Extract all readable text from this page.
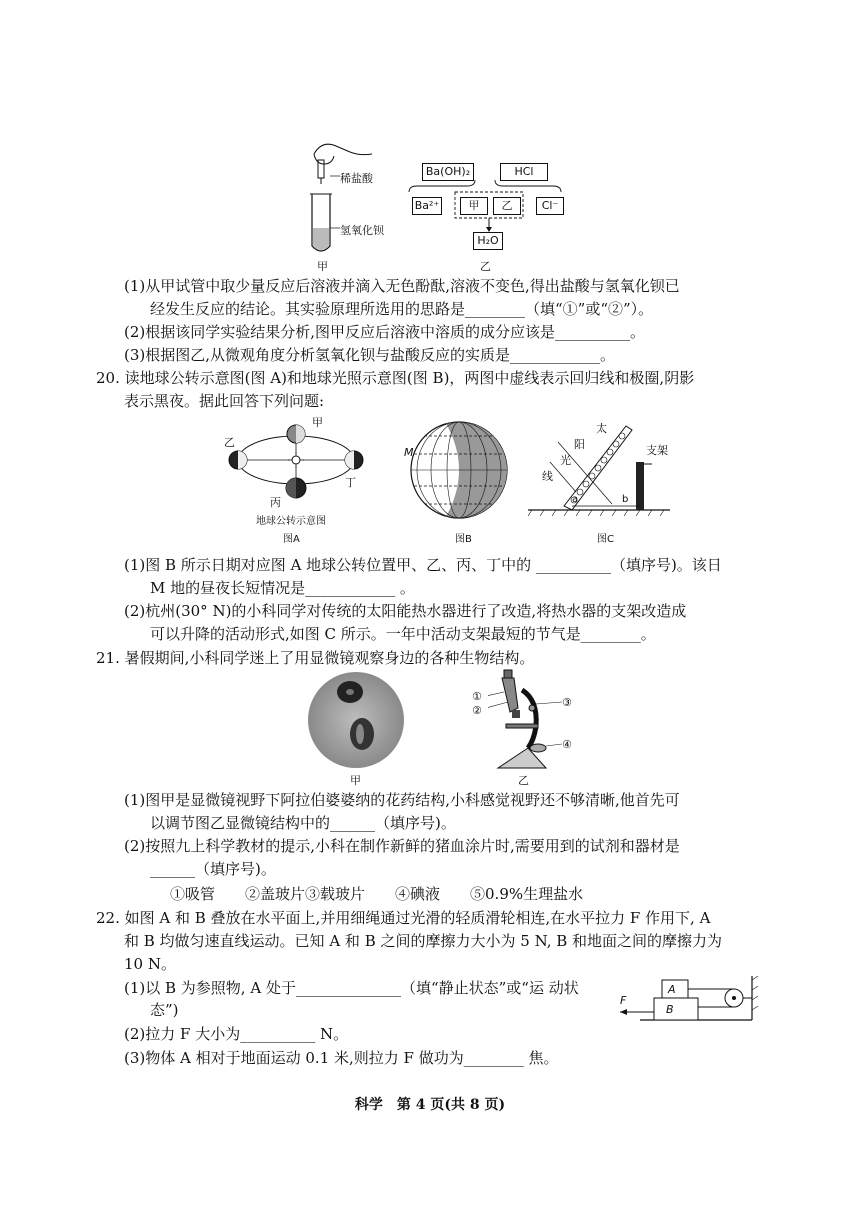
稀盐酸
氢氧化钡
甲
Ba(OH)₂	HCl
Ba²⁺	甲	乙	Cl⁻
H₂O
乙
(1)从甲试管中取少量反应后溶液并滴入无色酚酞,溶液不变色,得出盐酸与氢氧化钡已
经发生反应的结论。其实验原理所选用的思路是________（填“①”或“②”）。
(2)根据该同学实验结果分析,图甲反应后溶液中溶质的成分应该是__________。
(3)根据图乙,从微观角度分析氢氧化钡与盐酸反应的实质是____________。
20. 读地球公转示意图(图 A)和地球光照示意图(图 B)，两图中虚线表示回归线和极圈,阴影
表示黑夜。据此回答下列问题:
甲
乙
丙
丁
地球公转示意图
图A
M
图B
太
阳
光
线
支架
a	b
图C
(1)图 B 所示日期对应图 A 地球公转位置甲、乙、丙、丁中的 __________（填序号)。该日
M 地的昼夜长短情况是____________ 。
(2)杭州(30° N)的小科同学对传统的太阳能热水器进行了改造,将热水器的支架改造成
可以升降的活动形式,如图 C 所示。一年中活动支架最短的节气是________。
21. 暑假期间,小科同学迷上了用显微镜观察身边的各种生物结构。
甲
①
②
③
④
乙
(1)图甲是显微镜视野下阿拉伯婆婆纳的花药结构,小科感觉视野还不够清晰,他首先可
以调节图乙显微镜结构中的______（填序号)。
(2)按照九上科学教材的提示,小科在制作新鲜的猪血涂片时,需要用到的试剂和器材是
______（填序号)。
①吸管　　②盖玻片③载玻片　　④碘液　　⑤0.9%生理盐水
22. 如图 A 和 B 叠放在水平面上,并用细绳通过光滑的轻质滑轮相连,在水平拉力 F 作用下, A
和 B 均做匀速直线运动。已知 A 和 B 之间的摩擦力大小为 5 N, B 和地面之间的摩擦力为
10 N。
(1)以 B 为参照物, A 处于______________（填“静止状态”或“运 动状
态”)
(2)拉力 F 大小为__________ N。
(3)物体 A 相对于地面运动 0.1 米,则拉力 F 做功为________ 焦。
A
B
F
科学　第 4 页(共 8 页)
